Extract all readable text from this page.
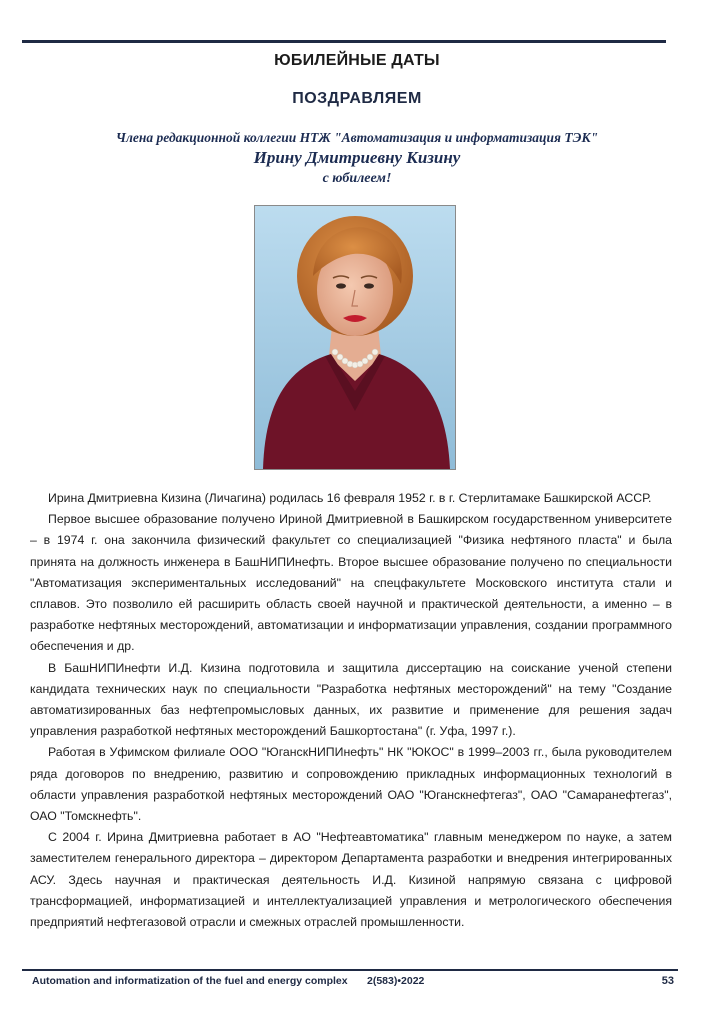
ЮБИЛЕЙНЫЕ ДАТЫ
ПОЗДРАВЛЯЕМ
Члена редакционной коллегии НТЖ "Автоматизация и информатизация ТЭК"
Ирину Дмитриевну Кизину
с юбилеем!

Ирина Дмитриевна Кизина (Личагина) родилась 16 февраля 1952 г. в г. Стерлитамаке Башкирской АССР.

Первое высшее образование получено Ириной Дмитриевной в Башкирском государственном университете – в 1974 г. она закончила физический факультет со специализацией "Физика нефтяного пласта" и была принята на должность инженера в БашНИПИнефть. Второе высшее образование получено по специальности "Автоматизация экспериментальных исследований" на спецфакультете Московского института стали и сплавов. Это позволило ей расширить область своей научной и практической деятельности, а именно – в разработке нефтяных месторождений, автоматизации и информатизации управления, создании программного обеспечения и др.

В БашНИПИнефти И.Д. Кизина подготовила и защитила диссертацию на соискание ученой степени кандидата технических наук по специальности "Разработка нефтяных месторождений" на тему "Создание автоматизированных баз нефтепромысловых данных, их развитие и применение для решения задач управления разработкой нефтяных месторождений Башкортостана" (г. Уфа, 1997 г.).

Работая в Уфимском филиале ООО "ЮганскНИПИнефть" НК "ЮКОС" в 1999–2003 гг., была руководителем ряда договоров по внедрению, развитию и сопровождению прикладных информационных технологий в области управления разработкой нефтяных месторождений ОАО "Юганскнефтегаз", ОАО "Самаранефтегаз", ОАО "Томскнефть".

С 2004 г. Ирина Дмитриевна работает в АО "Нефтеавтоматика" главным менеджером по науке, а затем заместителем генерального директора – директором Департамента разработки и внедрения интегрированных АСУ. Здесь научная и практическая деятельность И.Д. Кизиной напрямую связана с цифровой трансформацией, информатизацией и интеллектуализацией управления и метрологического обеспечения предприятий нефтегазовой отрасли и смежных отраслей промышленности.

Automation and informatization of the fuel and energy complex 2(583)•2022	53
